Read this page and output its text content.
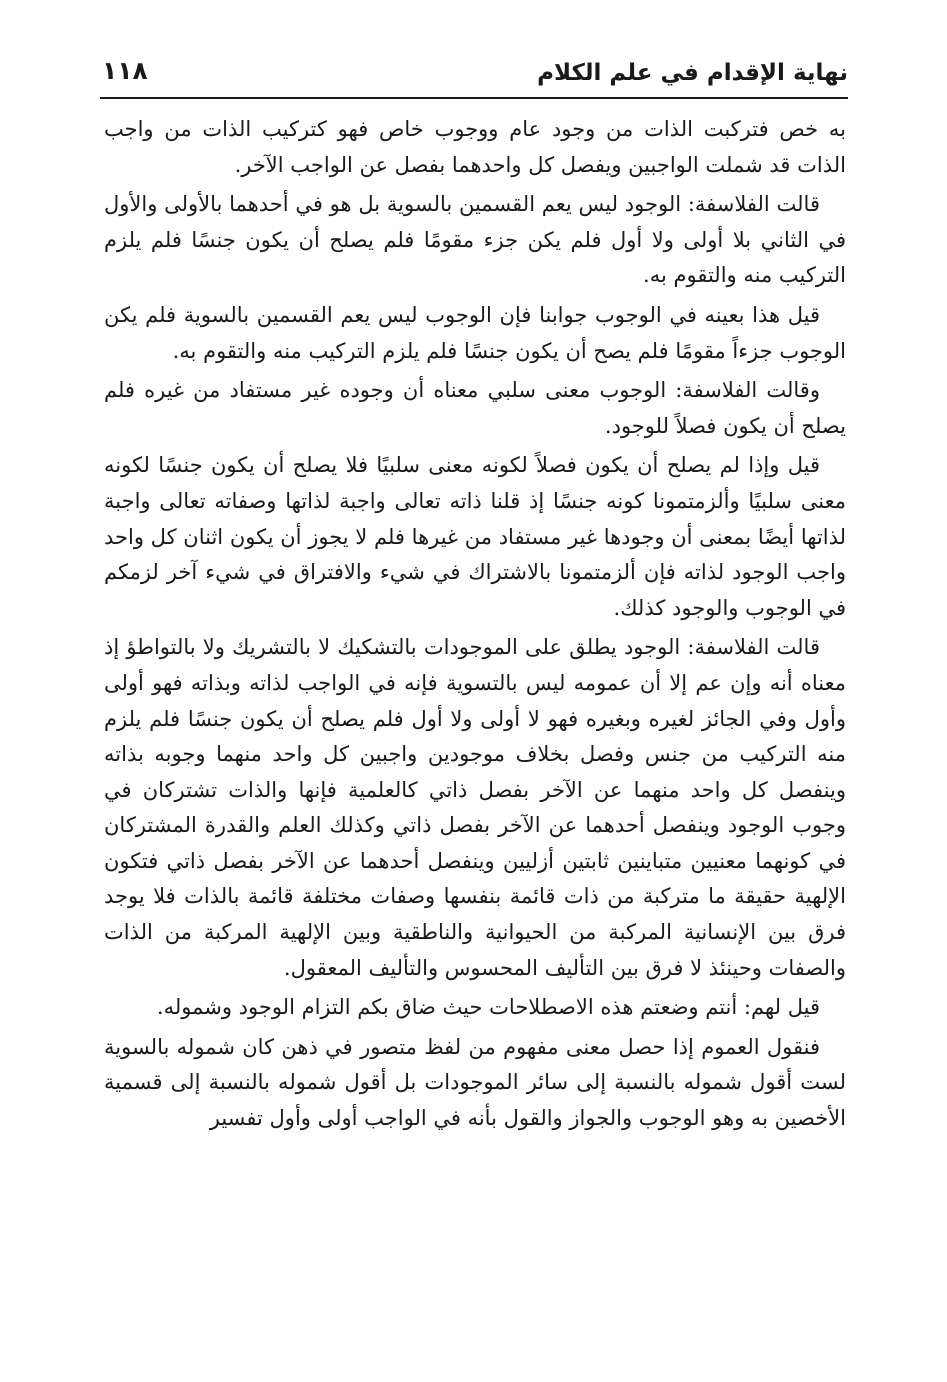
نهاية الإقدام في علم الكلام
١١٨

به خص فتركبت الذات من وجود عام ووجوب خاص فهو كتركيب الذات من واجب الذات قد شملت الواجبين ويفصل كل واحدهما بفصل عن الواجب الآخر.

قالت الفلاسفة: الوجود ليس يعم القسمين بالسوية بل هو في أحدهما بالأولى والأول في الثاني بلا أولى ولا أول فلم يكن جزء مقومًا فلم يصلح أن يكون جنسًا فلم يلزم التركيب منه والتقوم به.

قيل هذا بعينه في الوجوب جوابنا فإن الوجوب ليس يعم القسمين بالسوية فلم يكن الوجوب جزءاً مقومًا فلم يصح أن يكون جنسًا فلم يلزم التركيب منه والتقوم به.

وقالت الفلاسفة: الوجوب معنى سلبي معناه أن وجوده غير مستفاد من غيره فلم يصلح أن يكون فصلاً للوجود.

قيل وإذا لم يصلح أن يكون فصلاً لكونه معنى سلبيًا فلا يصلح أن يكون جنسًا لكونه معنى سلبيًا وألزمتمونا كونه جنسًا إذ قلنا ذاته تعالى واجبة لذاتها وصفاته تعالى واجبة لذاتها أيضًا بمعنى أن وجودها غير مستفاد من غيرها فلم لا يجوز أن يكون اثنان كل واحد واجب الوجود لذاته فإن ألزمتمونا بالاشتراك في شيء والافتراق في شيء آخر لزمكم في الوجوب والوجود كذلك.

قالت الفلاسفة: الوجود يطلق على الموجودات بالتشكيك لا بالتشريك ولا بالتواطؤ إذ معناه أنه وإن عم إلا أن عمومه ليس بالتسوية فإنه في الواجب لذاته وبذاته فهو أولى وأول وفي الجائز لغيره وبغيره فهو لا أولى ولا أول فلم يصلح أن يكون جنسًا فلم يلزم منه التركيب من جنس وفصل بخلاف موجودين واجبين كل واحد منهما وجوبه بذاته وينفصل كل واحد منهما عن الآخر بفصل ذاتي كالعلمية فإنها والذات تشتركان في وجوب الوجود وينفصل أحدهما عن الآخر بفصل ذاتي وكذلك العلم والقدرة المشتركان في كونهما معنيين متباينين ثابتين أزليين وينفصل أحدهما عن الآخر بفصل ذاتي فتكون الإلهية حقيقة ما متركبة من ذات قائمة بنفسها وصفات مختلفة قائمة بالذات فلا يوجد فرق بين الإنسانية المركبة من الحيوانية والناطقية وبين الإلهية المركبة من الذات والصفات وحينئذ لا فرق بين التأليف المحسوس والتأليف المعقول.

قيل لهم: أنتم وضعتم هذه الاصطلاحات حيث ضاق بكم التزام الوجود وشموله.

فنقول العموم إذا حصل معنى مفهوم من لفظ متصور في ذهن كان شموله بالسوية لست أقول شموله بالنسبة إلى سائر الموجودات بل أقول شموله بالنسبة إلى قسمية الأخصين به وهو الوجوب والجواز والقول بأنه في الواجب أولى وأول تفسير
